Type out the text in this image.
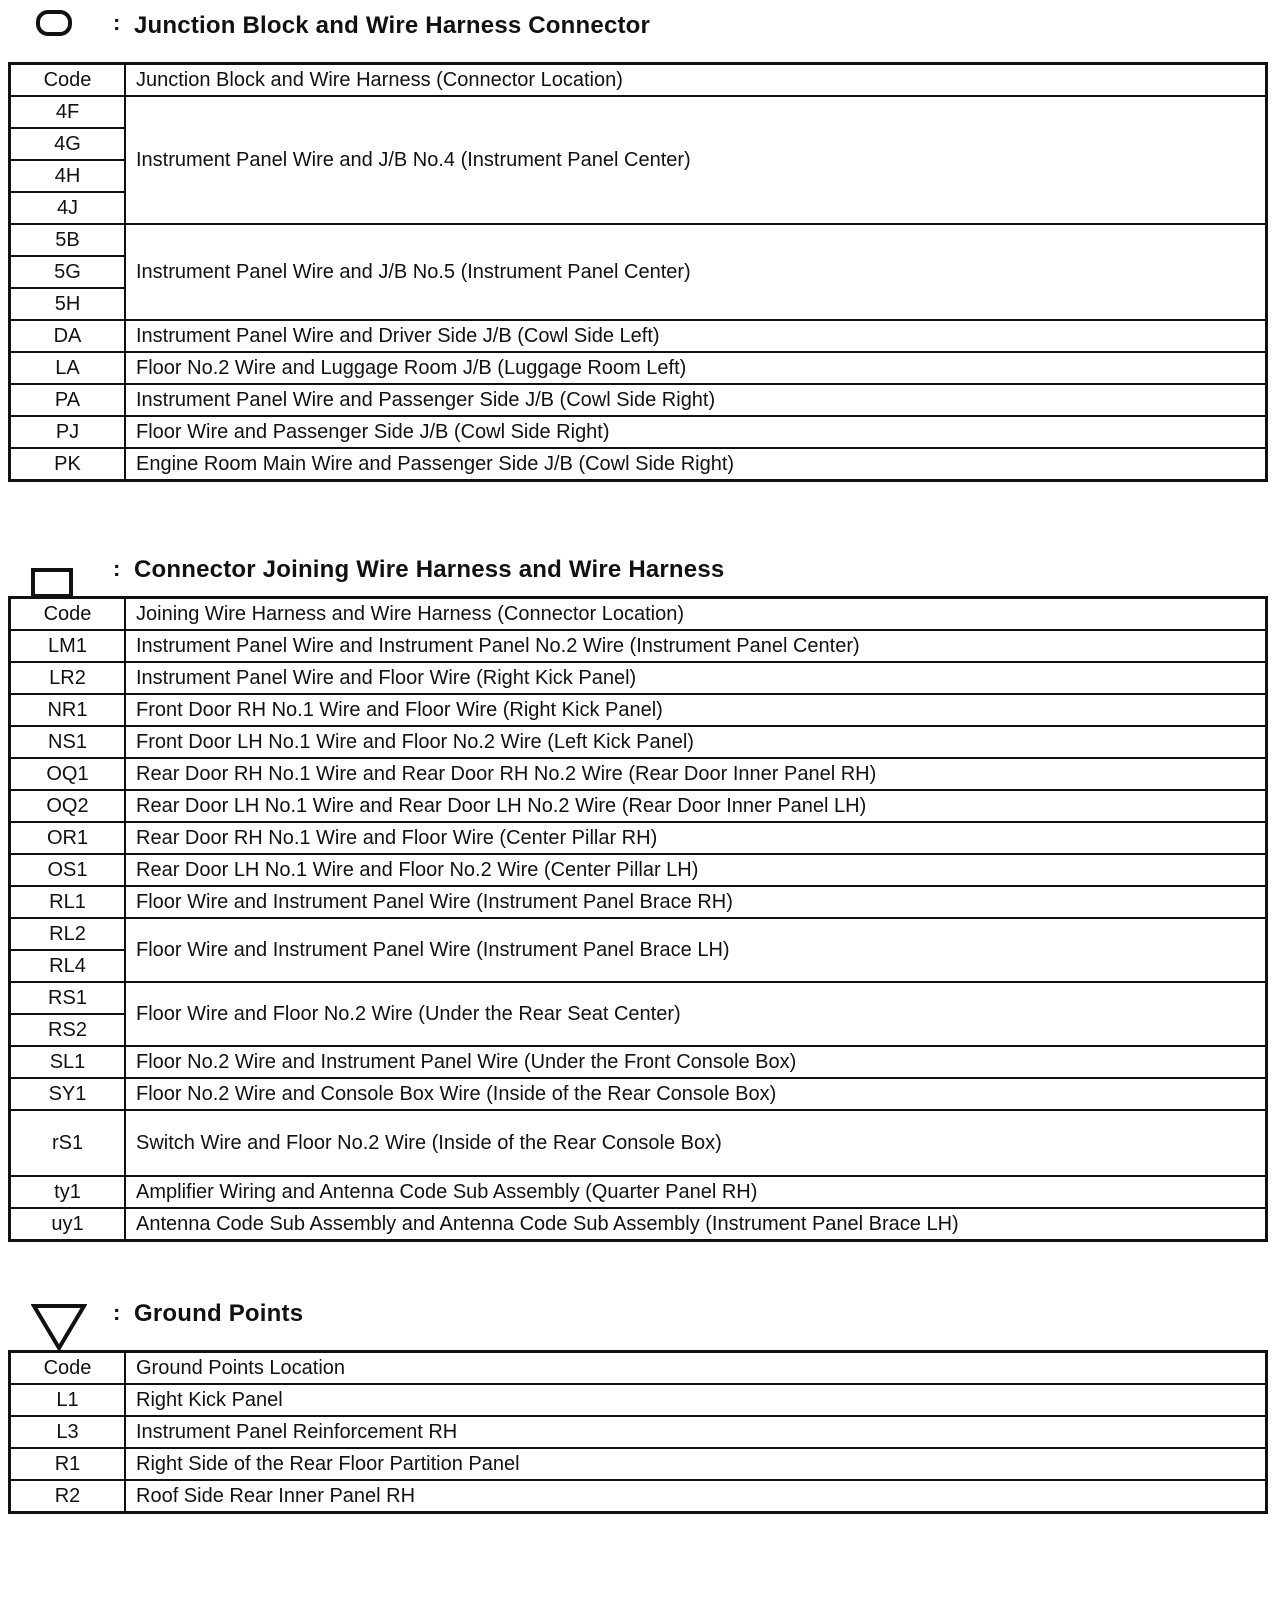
: Junction Block and Wire Harness Connector
Code	Junction Block and Wire Harness (Connector Location)
4F	Instrument Panel Wire and J/B No.4 (Instrument Panel Center)
4G	
4H	
4J	
5B	Instrument Panel Wire and J/B No.5 (Instrument Panel Center)
5G	
5H	
DA	Instrument Panel Wire and Driver Side J/B (Cowl Side Left)
LA	Floor No.2 Wire and Luggage Room J/B (Luggage Room Left)
PA	Instrument Panel Wire and Passenger Side J/B (Cowl Side Right)
PJ	Floor Wire and Passenger Side J/B (Cowl Side Right)
PK	Engine Room Main Wire and Passenger Side J/B (Cowl Side Right)
: Connector Joining Wire Harness and Wire Harness
Code	Joining Wire Harness and Wire Harness (Connector Location)
LM1	Instrument Panel Wire and Instrument Panel No.2 Wire (Instrument Panel Center)
LR2	Instrument Panel Wire and Floor Wire (Right Kick Panel)
NR1	Front Door RH No.1 Wire and Floor Wire (Right Kick Panel)
NS1	Front Door LH No.1 Wire and Floor No.2 Wire (Left Kick Panel)
OQ1	Rear Door RH No.1 Wire and Rear Door RH No.2 Wire (Rear Door Inner Panel RH)
OQ2	Rear Door LH No.1 Wire and Rear Door LH No.2 Wire (Rear Door Inner Panel LH)
OR1	Rear Door RH No.1 Wire and Floor Wire (Center Pillar RH)
OS1	Rear Door LH No.1 Wire and Floor No.2 Wire (Center Pillar LH)
RL1	Floor Wire and Instrument Panel Wire (Instrument Panel Brace RH)
RL2	Floor Wire and Instrument Panel Wire (Instrument Panel Brace LH)
RL4	
RS1	Floor Wire and Floor No.2 Wire (Under the Rear Seat Center)
RS2	
SL1	Floor No.2 Wire and Instrument Panel Wire (Under the Front Console Box)
SY1	Floor No.2 Wire and Console Box Wire (Inside of the Rear Console Box)
rS1	Switch Wire and Floor No.2 Wire (Inside of the Rear Console Box)
ty1	Amplifier Wiring and Antenna Code Sub Assembly (Quarter Panel RH)
uy1	Antenna Code Sub Assembly and Antenna Code Sub Assembly (Instrument Panel Brace LH)
: Ground Points
Code	Ground Points Location
L1	Right Kick Panel
L3	Instrument Panel Reinforcement RH
R1	Right Side of the Rear Floor Partition Panel
R2	Roof Side Rear Inner Panel RH
